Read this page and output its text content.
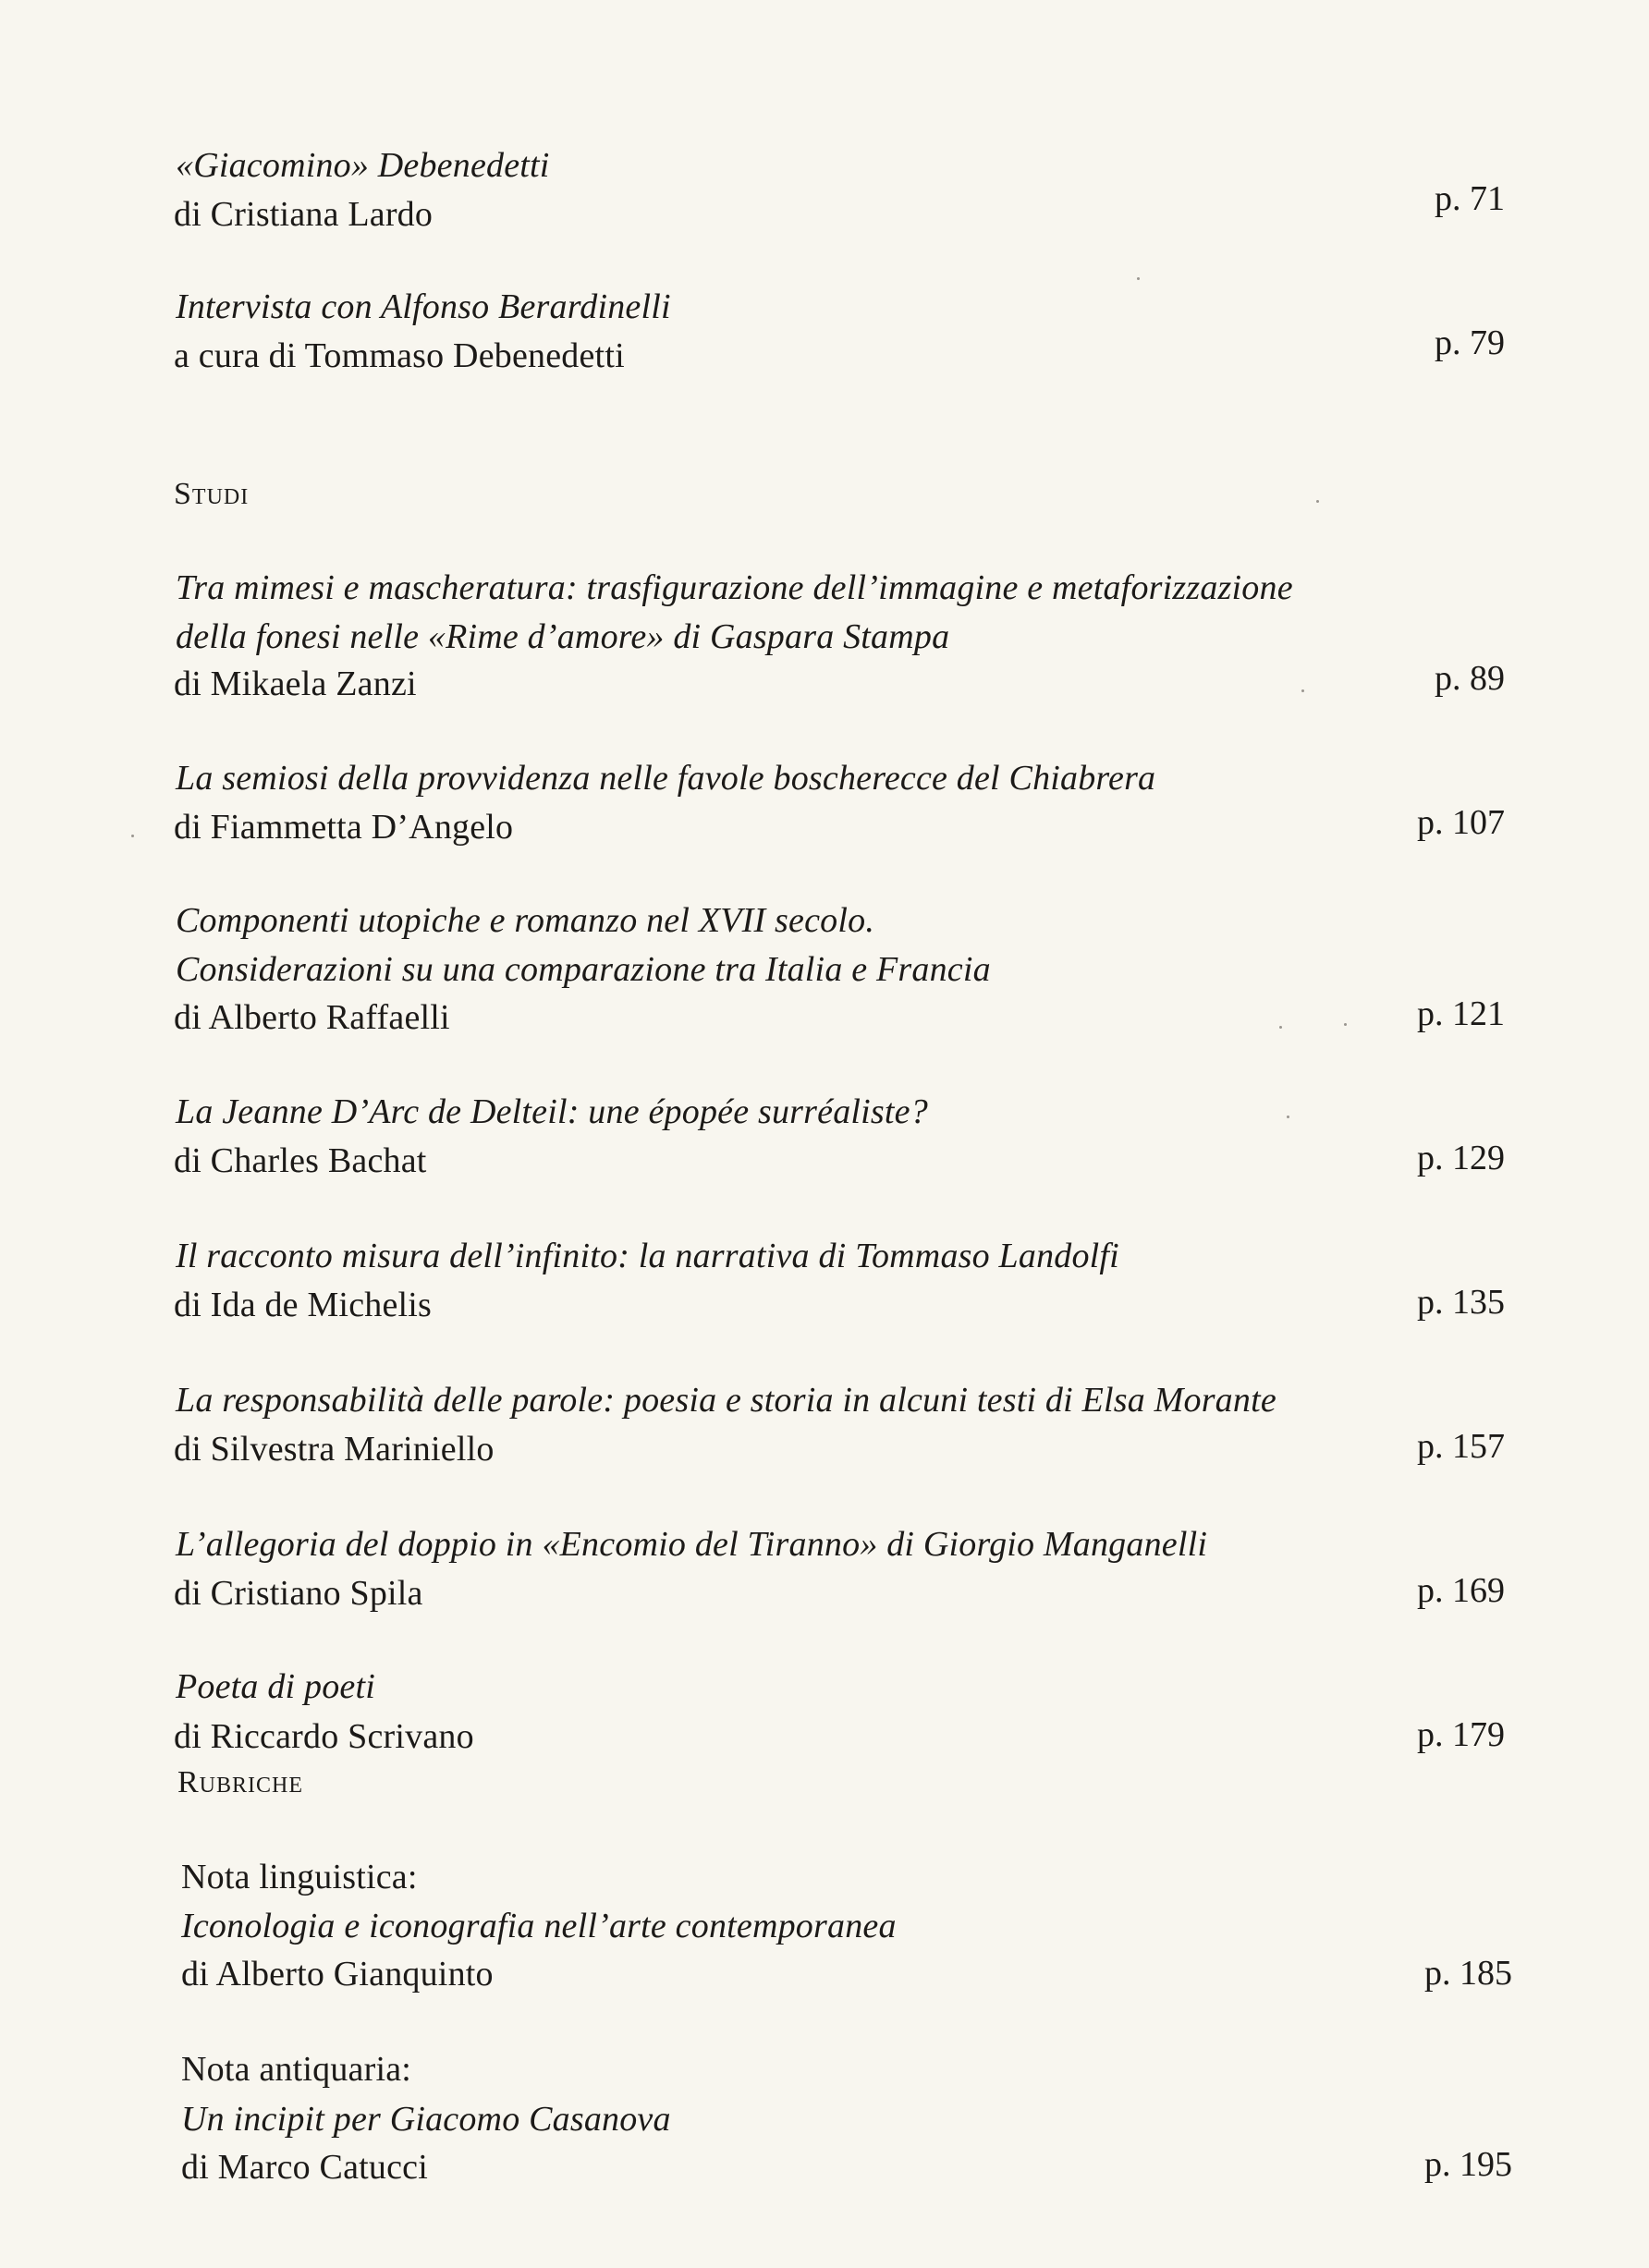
«Giacomino» Debenedetti
di Cristiana Lardo	p. 71
Intervista con Alfonso Berardinelli
a cura di Tommaso Debenedetti	p. 79
Studi
Tra mimesi e mascheratura: trasfigurazione dell’immagine e metaforizzazione
della fonesi nelle «Rime d’amore» di Gaspara Stampa
di Mikaela Zanzi	p. 89
La semiosi della provvidenza nelle favole boscherecce del Chiabrera
di Fiammetta D’Angelo	p. 107
Componenti utopiche e romanzo nel XVII secolo.
Considerazioni su una comparazione tra Italia e Francia
di Alberto Raffaelli	p. 121
La Jeanne D’Arc de Delteil: une épopée surréaliste?
di Charles Bachat	p. 129
Il racconto misura dell’infinito: la narrativa di Tommaso Landolfi
di Ida de Michelis	p. 135
La responsabilità delle parole: poesia e storia in alcuni testi di Elsa Morante
di Silvestra Mariniello	p. 157
L’allegoria del doppio in «Encomio del Tiranno» di Giorgio Manganelli
di Cristiano Spila	p. 169
Poeta di poeti
di Riccardo Scrivano	p. 179
Rubriche
Nota linguistica:
Iconologia e iconografia nell’arte contemporanea
di Alberto Gianquinto	p. 185
Nota antiquaria:
Un incipit per Giacomo Casanova
di Marco Catucci	p. 195
